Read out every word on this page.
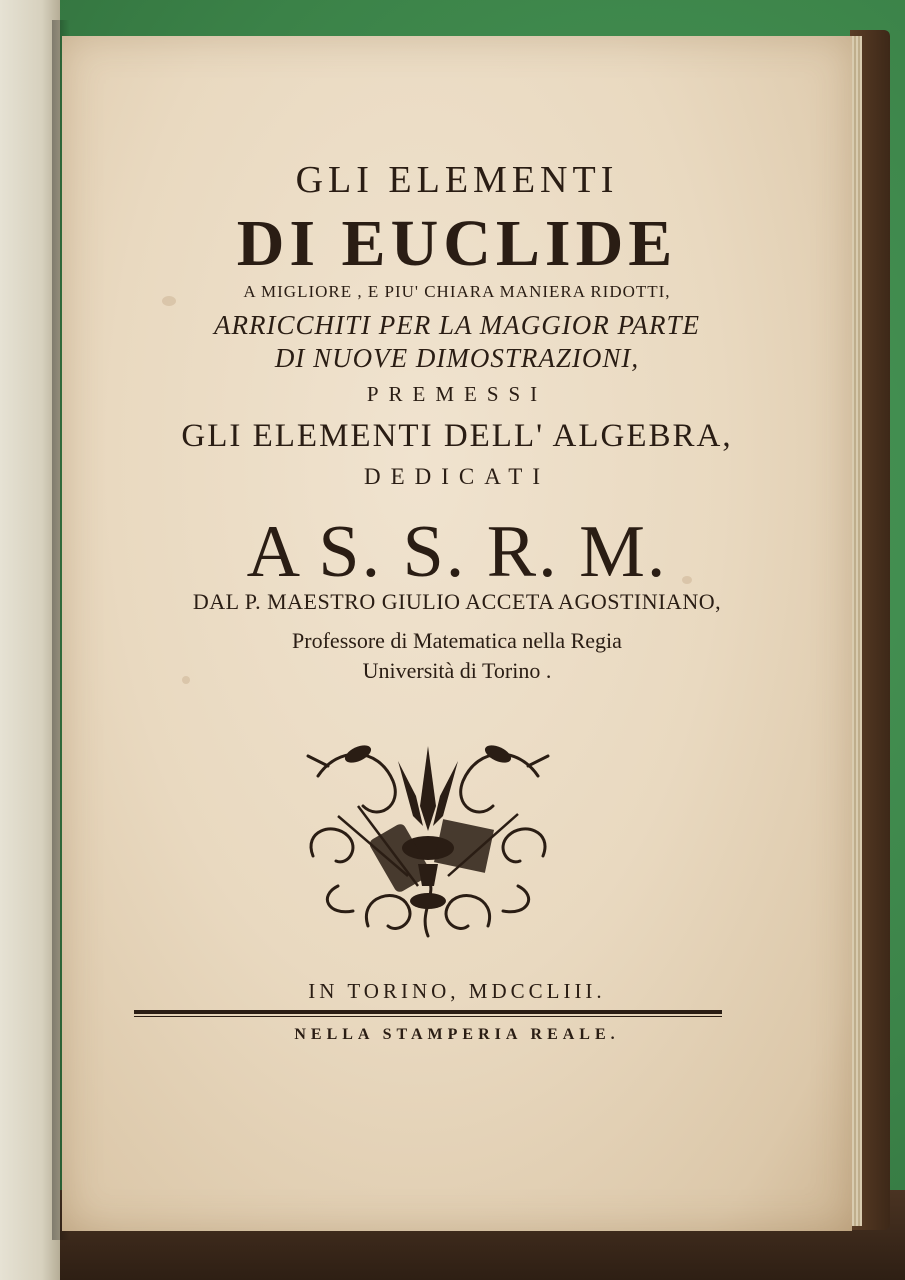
GLI ELEMENTI
DI EUCLIDE
A MIGLIORE , E PIU' CHIARA MANIERA RIDOTTI,
ARRICCHITI PER LA MAGGIOR PARTE
DI NUOVE DIMOSTRAZIONI,
PREMESSI
GLI ELEMENTI DELL' ALGEBRA,
DEDICATI
A S. S. R. M.
DAL P. MAESTRO GIULIO ACCETA AGOSTINIANO,
Professore di Matematica nella Regia
Università di Torino .
IN TORINO, MDCCLIII.
NELLA STAMPERIA REALE.
